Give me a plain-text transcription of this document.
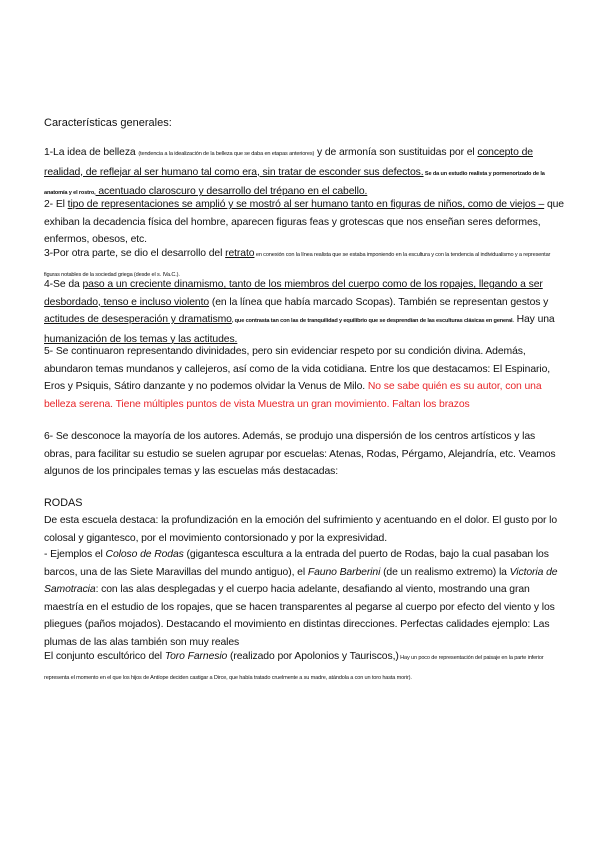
Características generales:

1-La idea de belleza (tendencia a la idealización de la belleza que se daba en etapas anteriores) y de armonía son sustituidas por el concepto de realidad, de reflejar al ser humano tal como era, sin tratar de esconder sus defectos. Se da un estudio realista y pormenorizado de la anatomía y el rostro, acentuado claroscuro y desarrollo del trépano en el cabello.

2- El tipo de representaciones se amplió y se mostró al ser humano tanto en figuras de niños, como de viejos – que exhiban la decadencia física del hombre, aparecen figuras feas y grotescas que nos enseñan seres deformes, enfermos, obesos, etc.

3-Por otra parte, se dio el desarrollo del retrato en conexión con la línea realista que se estaba imponiendo en la escultura y con la tendencia al individualismo y a representar figuras notables de la sociedad griega (desde el s. IVa.C.).

4-Se da paso a un creciente dinamismo, tanto de los miembros del cuerpo como de los ropajes, llegando a ser desbordado, tenso e incluso violento (en la línea que había marcado Scopas). También se representan gestos y actitudes de desesperación y dramatismo, que contrasta tan con las de tranquilidad y equilibrio que se desprendían de las esculturas clásicas en general. Hay una humanización de los temas y las actitudes.

5- Se continuaron representando divinidades, pero sin evidenciar respeto por su condición divina. Además, abundaron temas mundanos y callejeros, así como de la vida cotidiana. Entre los que destacamos: El Espinario, Eros y Psiquis, Sátiro danzante y no podemos olvidar la Venus de Milo. No se sabe quién es su autor, con una belleza serena. Tiene múltiples puntos de vista Muestra un gran movimiento. Faltan los brazos

6- Se desconoce la mayoría de los autores. Además, se produjo una dispersión de los centros artísticos y las obras, para facilitar su estudio se suelen agrupar por escuelas: Atenas, Rodas, Pérgamo, Alejandría, etc. Veamos algunos de los principales temas y las escuelas más destacadas:

RODAS

De esta escuela destaca: la profundización en la emoción del sufrimiento y acentuando en el dolor. El gusto por lo colosal y gigantesco, por el movimiento contorsionado y por la expresividad.

- Ejemplos el Coloso de Rodas (gigantesca escultura a la entrada del puerto de Rodas, bajo la cual pasaban los barcos, una de las Siete Maravillas del mundo antiguo), el Fauno Barberini (de un realismo extremo) la Victoria de Samotracia: con las alas desplegadas y el cuerpo hacia adelante, desafiando al viento, mostrando una gran maestría en el estudio de los ropajes, que se hacen transparentes al pegarse al cuerpo por efecto del viento y los pliegues (paños mojados). Destacando el movimiento en distintas direcciones. Perfectas calidades ejemplo: Las plumas de las alas también son muy reales

El conjunto escultórico del Toro Farnesio (realizado por Apolonios y Tauriscos,) Hay un poco de representación del paisaje en la parte inferior representa el momento en el que los hijos de Antíope deciden castigar a Dirce, que había tratado cruelmente a su madre, atándola a con un toro hasta morir).
